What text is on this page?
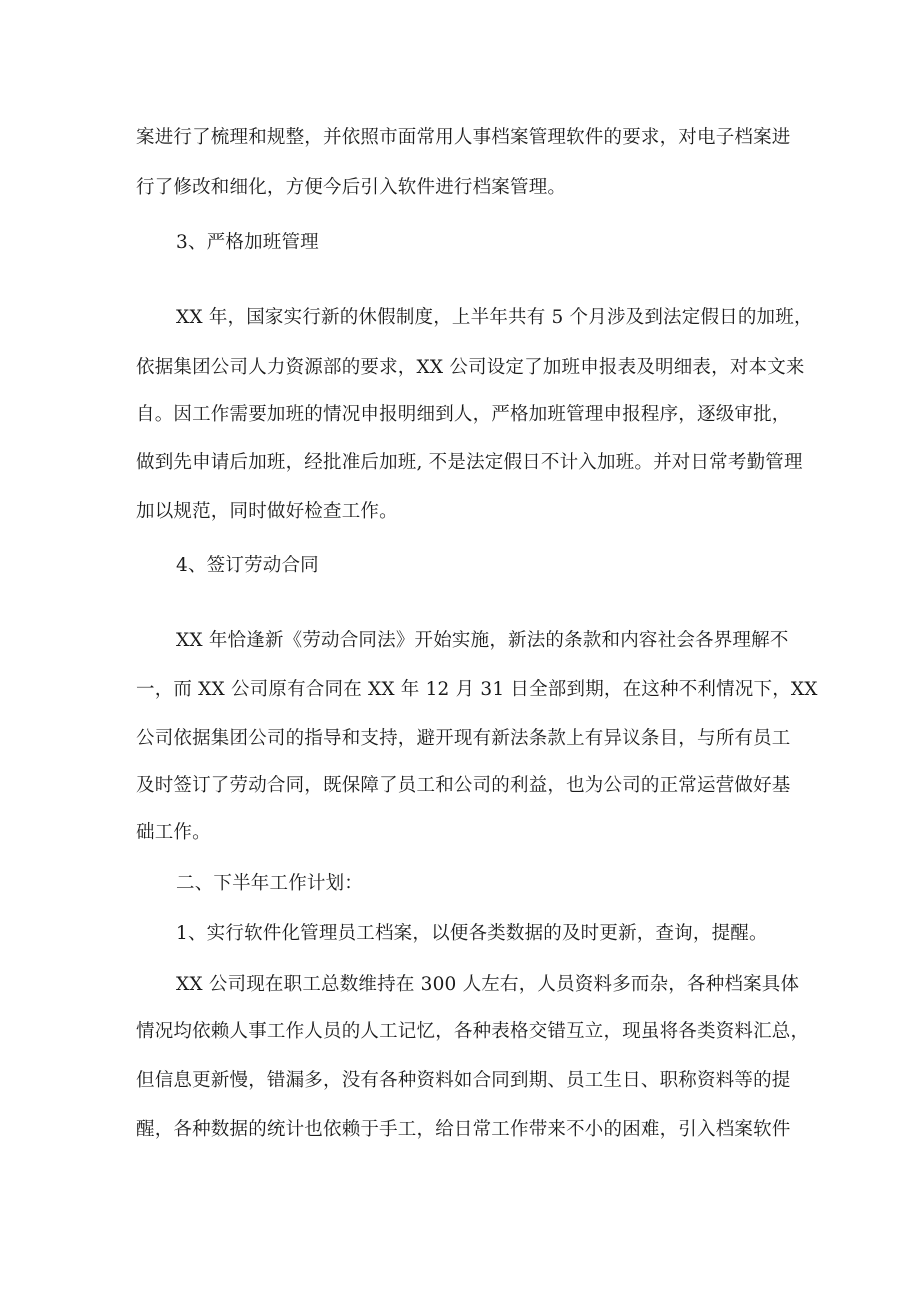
案进行了梳理和规整，并依照市面常用人事档案管理软件的要求，对电子档案进
行了修改和细化，方便今后引入软件进行档案管理。
3、严格加班管理
XX 年，国家实行新的休假制度，上半年共有 5 个月涉及到法定假日的加班，
依据集团公司人力资源部的要求，XX 公司设定了加班申报表及明细表，对本文来
自。因工作需要加班的情况申报明细到人，严格加班管理申报程序，逐级审批，
做到先申请后加班，经批准后加班, 不是法定假日不计入加班。并对日常考勤管理
加以规范，同时做好检查工作。
4、签订劳动合同
XX 年恰逢新《劳动合同法》开始实施，新法的条款和内容社会各界理解不
一，而 XX 公司原有合同在 XX 年 12 月 31 日全部到期，在这种不利情况下，XX
公司依据集团公司的指导和支持，避开现有新法条款上有异议条目，与所有员工
及时签订了劳动合同，既保障了员工和公司的利益，也为公司的正常运营做好基
础工作。
二、下半年工作计划：
1、实行软件化管理员工档案，以便各类数据的及时更新，查询，提醒。
XX 公司现在职工总数维持在 300 人左右，人员资料多而杂，各种档案具体
情况均依赖人事工作人员的人工记忆，各种表格交错互立，现虽将各类资料汇总，
但信息更新慢，错漏多，没有各种资料如合同到期、员工生日、职称资料等的提
醒，各种数据的统计也依赖于手工，给日常工作带来不小的困难，引入档案软件
